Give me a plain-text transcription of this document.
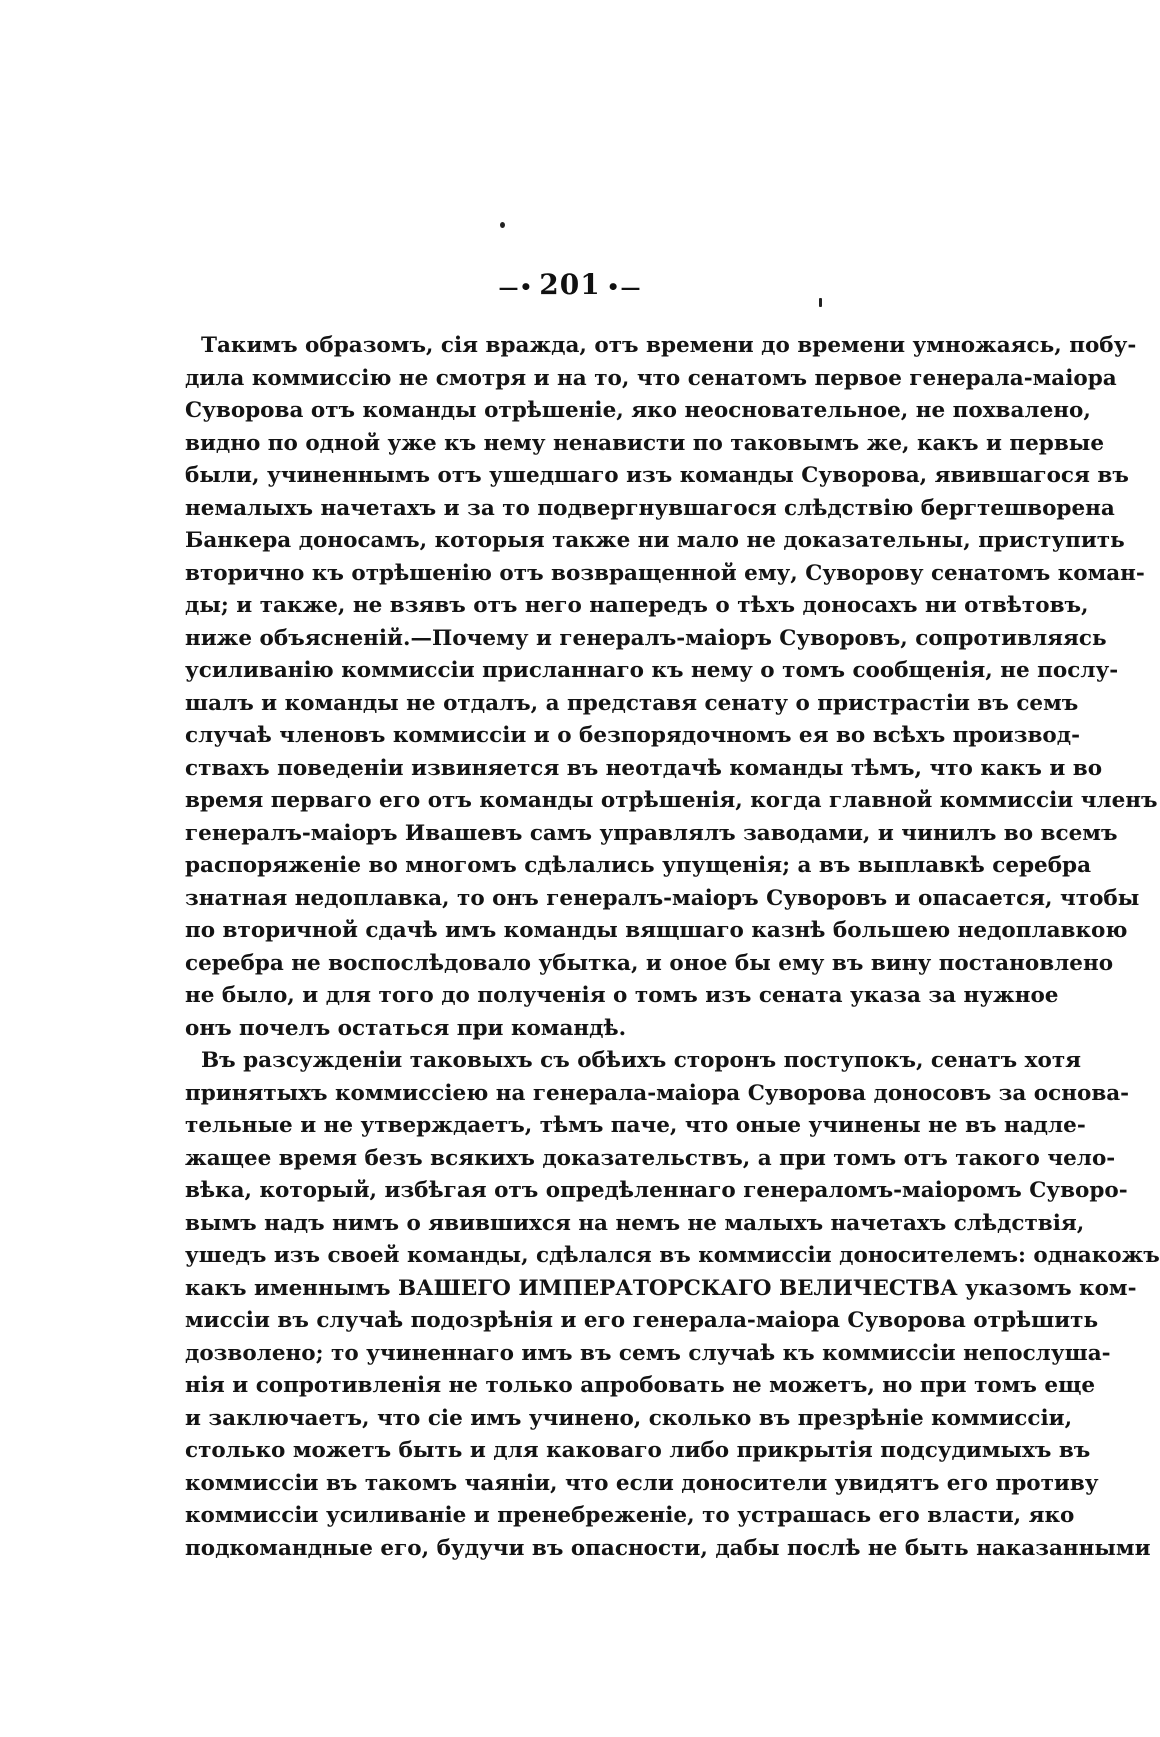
—• 201 •—
Такимъ образомъ, сія вражда, отъ времени до времени умножаясь, побу-
дила коммиссію не смотря и на то, что сенатомъ первое генерала-маіора
Суворова отъ команды отрѣшеніе, яко неосновательное, не похвалено,
видно по одной уже къ нему ненависти по таковымъ же, какъ и первые
были, учиненнымъ отъ ушедшаго изъ команды Суворова, явившагося въ
немалыхъ начетахъ и за то подвергнувшагося слѣдствію бергтешворена
Банкера доносамъ, которыя также ни мало не доказательны, приступить
вторично къ отрѣшенію отъ возвращенной ему, Суворову сенатомъ коман-
ды; и также, не взявъ отъ него напередъ о тѣхъ доносахъ ни отвѣтовъ,
ниже объясненій.—Почему и генералъ-маіоръ Суворовъ, сопротивляясь
усиливанію коммиссіи присланнаго къ нему о томъ сообщенія, не послу-
шалъ и команды не отдалъ, а представя сенату о пристрастіи въ семъ
случаѣ членовъ коммиссіи и о безпорядочномъ ея во всѣхъ производ-
ствахъ поведеніи извиняется въ неотдачѣ команды тѣмъ, что какъ и во
время перваго его отъ команды отрѣшенія, когда главной коммиссіи членъ
генералъ-маіоръ Ивашевъ самъ управлялъ заводами, и чинилъ во всемъ
распоряженіе во многомъ сдѣлались упущенія; а въ выплавкѣ серебра
знатная недоплавка, то онъ генералъ-маіоръ Суворовъ и опасается, чтобы
по вторичной сдачѣ имъ команды вящшаго казнѣ большею недоплавкою
серебра не воспослѣдовало убытка, и оное бы ему въ вину постановлено
не было, и для того до полученія о томъ изъ сената указа за нужное
онъ почелъ остаться при командѣ.
Въ разсужденіи таковыхъ съ обѣихъ сторонъ поступокъ, сенатъ хотя
принятыхъ коммиссіею на генерала-маіора Суворова доносовъ за основа-
тельные и не утверждаетъ, тѣмъ паче, что оные учинены не въ надле-
жащее время безъ всякихъ доказательствъ, а при томъ отъ такого чело-
вѣка, который, избѣгая отъ опредѣленнаго генераломъ-маіоромъ Суворо-
вымъ надъ нимъ о явившихся на немъ не малыхъ начетахъ слѣдствія,
ушедъ изъ своей команды, сдѣлался въ коммиссіи доносителемъ: однакожъ
какъ именнымъ ВАШЕГО ИМПЕРАТОРСКАГО ВЕЛИЧЕСТВА указомъ ком-
миссіи въ случаѣ подозрѣнія и его генерала-маіора Суворова отрѣшить
дозволено; то учиненнаго имъ въ семъ случаѣ къ коммиссіи непослуша-
нія и сопротивленія не только апробовать не можетъ, но при томъ еще
и заключаетъ, что сіе имъ учинено, сколько въ презрѣніе коммиссіи,
столько можетъ быть и для каковаго либо прикрытія подсудимыхъ въ
коммиссіи въ такомъ чаяніи, что если доносители увидятъ его противу
коммиссіи усиливаніе и пренебреженіе, то устрашась его власти, яко
подкомандные его, будучи въ опасности, дабы послѣ не быть наказанными
